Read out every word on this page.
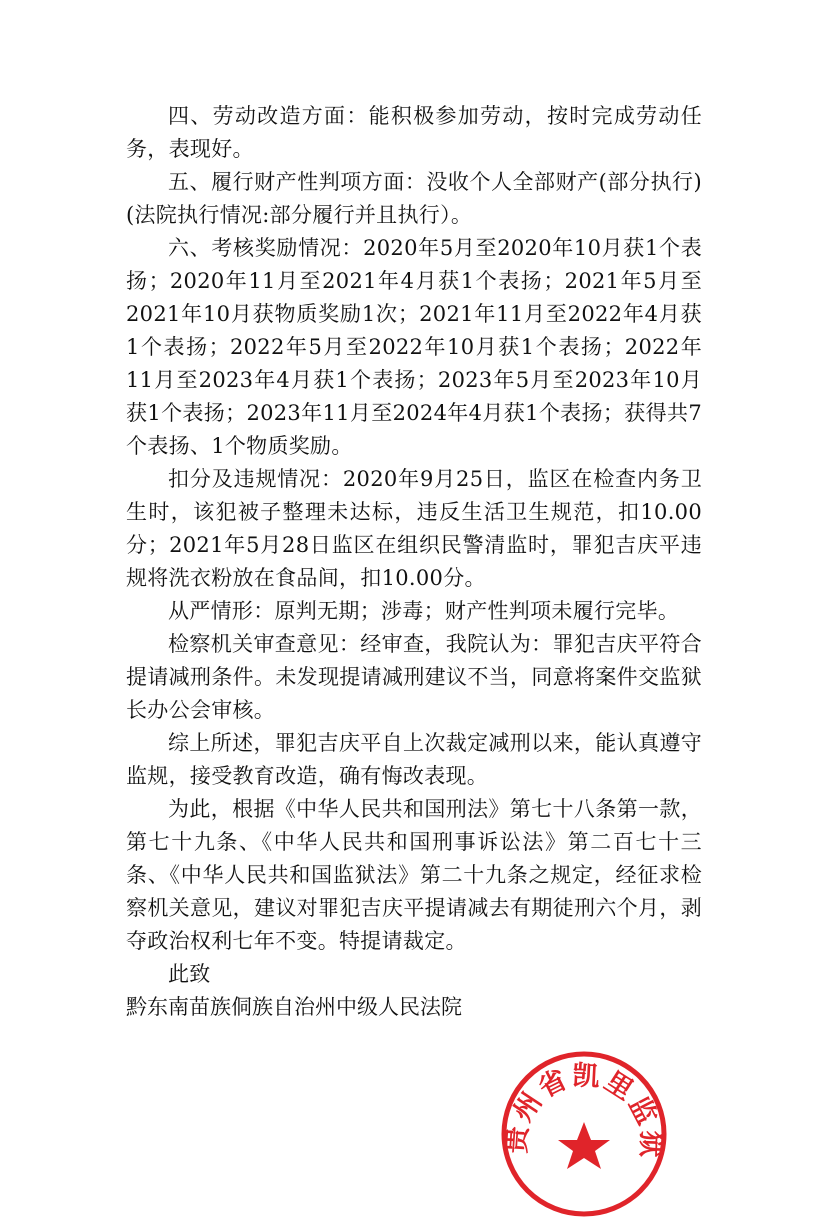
四、劳动改造方面：能积极参加劳动，按时完成劳动任务，表现好。

五、履行财产性判项方面：没收个人全部财产(部分执行)(法院执行情况:部分履行并且执行）。

六、考核奖励情况：2020年5月至2020年10月获1个表扬；2020年11月至2021年4月获1个表扬；2021年5月至2021年10月获物质奖励1次；2021年11月至2022年4月获1个表扬；2022年5月至2022年10月获1个表扬；2022年11月至2023年4月获1个表扬；2023年5月至2023年10月获1个表扬；2023年11月至2024年4月获1个表扬；获得共7个表扬、1个物质奖励。

扣分及违规情况：2020年9月25日，监区在检查内务卫生时，该犯被子整理未达标，违反生活卫生规范，扣10.00分；2021年5月28日监区在组织民警清监时，罪犯吉庆平违规将洗衣粉放在食品间，扣10.00分。

从严情形：原判无期；涉毒；财产性判项未履行完毕。

检察机关审查意见：经审查，我院认为：罪犯吉庆平符合提请减刑条件。未发现提请减刑建议不当，同意将案件交监狱长办公会审核。

综上所述，罪犯吉庆平自上次裁定减刑以来，能认真遵守监规，接受教育改造，确有悔改表现。

为此，根据《中华人民共和国刑法》第七十八条第一款，第七十九条、《中华人民共和国刑事诉讼法》第二百七十三条、《中华人民共和国监狱法》第二十九条之规定，经征求检察机关意见，建议对罪犯吉庆平提请减去有期徒刑六个月，剥夺政治权利七年不变。特提请裁定。

此致

黔东南苗族侗族自治州中级人民法院

贵州省凯里监狱
